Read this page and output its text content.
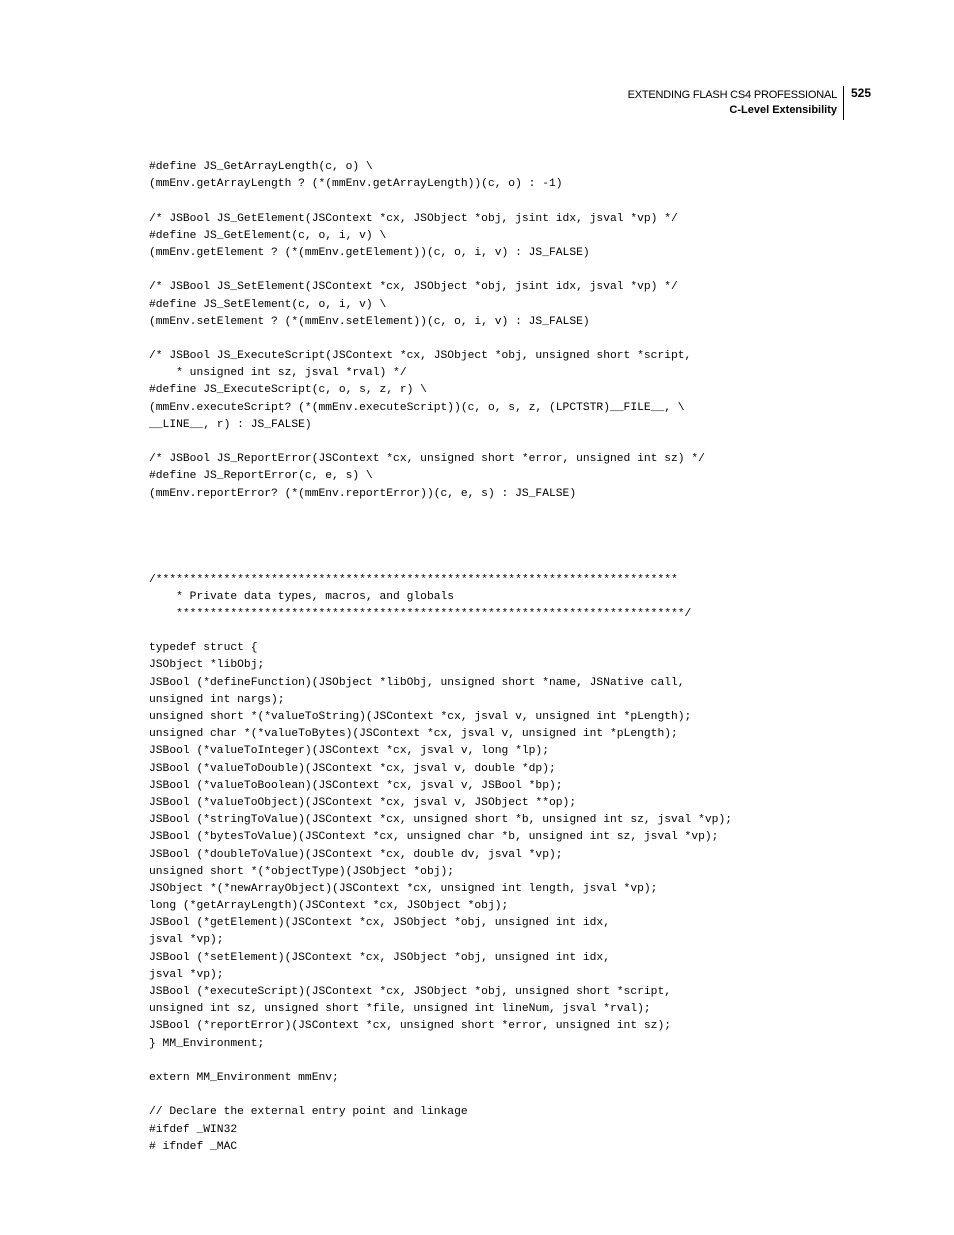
EXTENDING FLASH CS4 PROFESSIONAL
C-Level Extensibility
525
#define JS_GetArrayLength(c, o) \
(mmEnv.getArrayLength ? (*(mmEnv.getArrayLength))(c, o) : -1)
/* JSBool JS_GetElement(JSContext *cx, JSObject *obj, jsint idx, jsval *vp) */
#define JS_GetElement(c, o, i, v) \
(mmEnv.getElement ? (*(mmEnv.getElement))(c, o, i, v) : JS_FALSE)
/* JSBool JS_SetElement(JSContext *cx, JSObject *obj, jsint idx, jsval *vp) */
#define JS_SetElement(c, o, i, v) \
(mmEnv.setElement ? (*(mmEnv.setElement))(c, o, i, v) : JS_FALSE)
/* JSBool JS_ExecuteScript(JSContext *cx, JSObject *obj, unsigned short *script,
* unsigned int sz, jsval *rval) */
#define JS_ExecuteScript(c, o, s, z, r) \
(mmEnv.executeScript? (*(mmEnv.executeScript))(c, o, s, z, (LPCTSTR)__FILE__, \
__LINE__, r) : JS_FALSE)
/* JSBool JS_ReportError(JSContext *cx, unsigned short *error, unsigned int sz) */
#define JS_ReportError(c, e, s) \
(mmEnv.reportError? (*(mmEnv.reportError))(c, e, s) : JS_FALSE)
/*****************************************************************************
* Private data types, macros, and globals
***************************************************************************/
typedef struct {
JSObject *libObj;
JSBool (*defineFunction)(JSObject *libObj, unsigned short *name, JSNative call,
unsigned int nargs);
unsigned short *(*valueToString)(JSContext *cx, jsval v, unsigned int *pLength);
unsigned char *(*valueToBytes)(JSContext *cx, jsval v, unsigned int *pLength);
JSBool (*valueToInteger)(JSContext *cx, jsval v, long *lp);
JSBool (*valueToDouble)(JSContext *cx, jsval v, double *dp);
JSBool (*valueToBoolean)(JSContext *cx, jsval v, JSBool *bp);
JSBool (*valueToObject)(JSContext *cx, jsval v, JSObject **op);
JSBool (*stringToValue)(JSContext *cx, unsigned short *b, unsigned int sz, jsval *vp);
JSBool (*bytesToValue)(JSContext *cx, unsigned char *b, unsigned int sz, jsval *vp);
JSBool (*doubleToValue)(JSContext *cx, double dv, jsval *vp);
unsigned short *(*objectType)(JSObject *obj);
JSObject *(*newArrayObject)(JSContext *cx, unsigned int length, jsval *vp);
long (*getArrayLength)(JSContext *cx, JSObject *obj);
JSBool (*getElement)(JSContext *cx, JSObject *obj, unsigned int idx,
jsval *vp);
JSBool (*setElement)(JSContext *cx, JSObject *obj, unsigned int idx,
jsval *vp);
JSBool (*executeScript)(JSContext *cx, JSObject *obj, unsigned short *script,
unsigned int sz, unsigned short *file, unsigned int lineNum, jsval *rval);
JSBool (*reportError)(JSContext *cx, unsigned short *error, unsigned int sz);
} MM_Environment;
extern MM_Environment mmEnv;
// Declare the external entry point and linkage
#ifdef _WIN32
# ifndef _MAC
